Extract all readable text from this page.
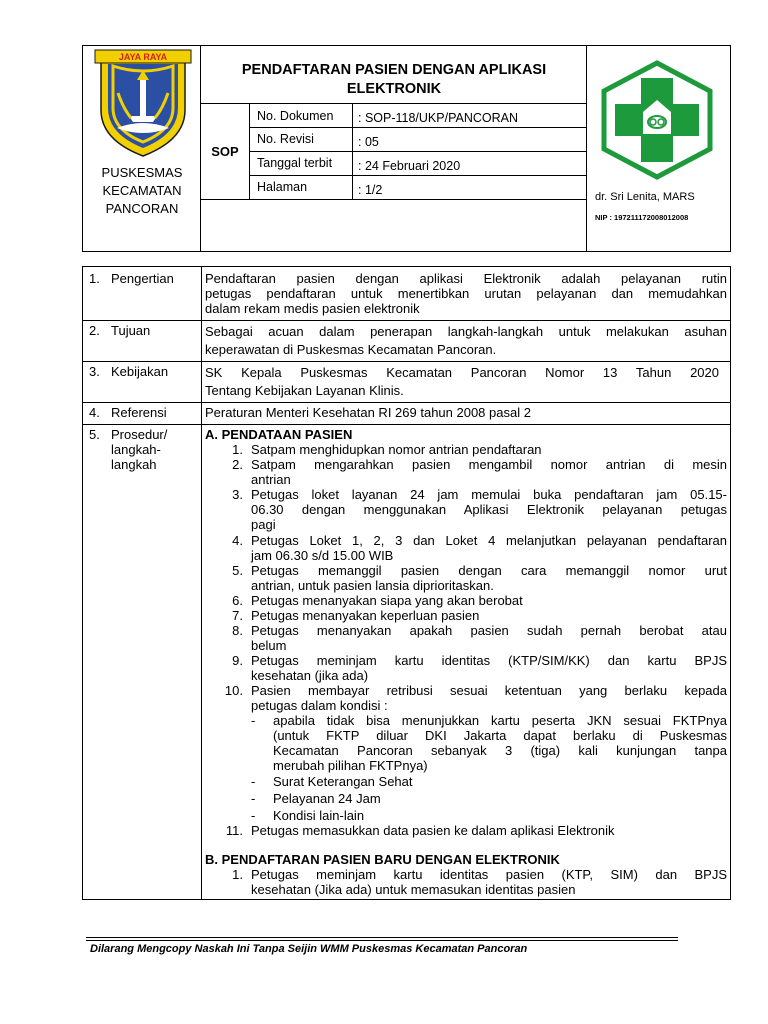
JAYA RAYA
PUSKESMAS
KECAMATAN
PANCORAN
PENDAFTARAN PASIEN DENGAN APLIKASI
ELEKTRONIK
SOP
No. Dokumen : SOP-118/UKP/PANCORAN
No. Revisi	: 05
Tanggal terbit : 24 Februari 2020
Halaman	: 1/2	dr. Sri Lenita, MARS
NIP : 197211172008012008
1. Pengertian Pendaftaran pasien dengan aplikasi Elektronik adalah pelayanan rutin
petugas pendaftaran untuk menertibkan urutan pelayanan dan memudahkan
dalam rekam medis pasien elektronik
2. Tujuan	Sebagai acuan dalam penerapan langkah-langkah untuk melakukan asuhan
keperawatan di Puskesmas Kecamatan Pancoran.
3. Kebijakan	SK Kepala Puskesmas Kecamatan Pancoran Nomor 13 Tahun 2020
Tentang Kebijakan Layanan Klinis.
4. Referensi	Peraturan Menteri Kesehatan RI 269 tahun 2008 pasal 2
5. Prosedur/
langkah-
langkah
A. PENDATAAN PASIEN
1. Satpam menghidupkan nomor antrian pendaftaran
2. Satpam mengarahkan pasien mengambil nomor antrian di mesin
antrian
3. Petugas loket layanan 24 jam memulai buka pendaftaran jam 05.15-
06.30 dengan menggunakan Aplikasi Elektronik pelayanan petugas
pagi
4. Petugas Loket 1, 2, 3 dan Loket 4 melanjutkan pelayanan pendaftaran
jam 06.30 s/d 15.00 WIB
5. Petugas memanggil pasien dengan cara memanggil nomor urut
antrian, untuk pasien lansia diprioritaskan.
6. Petugas menanyakan siapa yang akan berobat
7. Petugas menanyakan keperluan pasien
8. Petugas menanyakan apakah pasien sudah pernah berobat atau
belum
9. Petugas meminjam kartu identitas (KTP/SIM/KK) dan kartu BPJS
kesehatan (jika ada)
10. Pasien membayar retribusi sesuai ketentuan yang berlaku kepada
petugas dalam kondisi :
- apabila tidak bisa menunjukkan kartu peserta JKN sesuai FKTPnya
(untuk FKTP diluar DKI Jakarta dapat berlaku di Puskesmas
Kecamatan Pancoran sebanyak 3 (tiga) kali kunjungan tanpa
merubah pilihan FKTPnya)
- Surat Keterangan Sehat
- Pelayanan 24 Jam
- Kondisi lain-lain
11. Petugas memasukkan data pasien ke dalam aplikasi Elektronik
B. PENDAFTARAN PASIEN BARU DENGAN ELEKTRONIK
1. Petugas meminjam kartu identitas pasien (KTP, SIM) dan BPJS
kesehatan (Jika ada) untuk memasukan identitas pasien
Dilarang Mengcopy Naskah Ini Tanpa Seijin WMM Puskesmas Kecamatan Pancoran
